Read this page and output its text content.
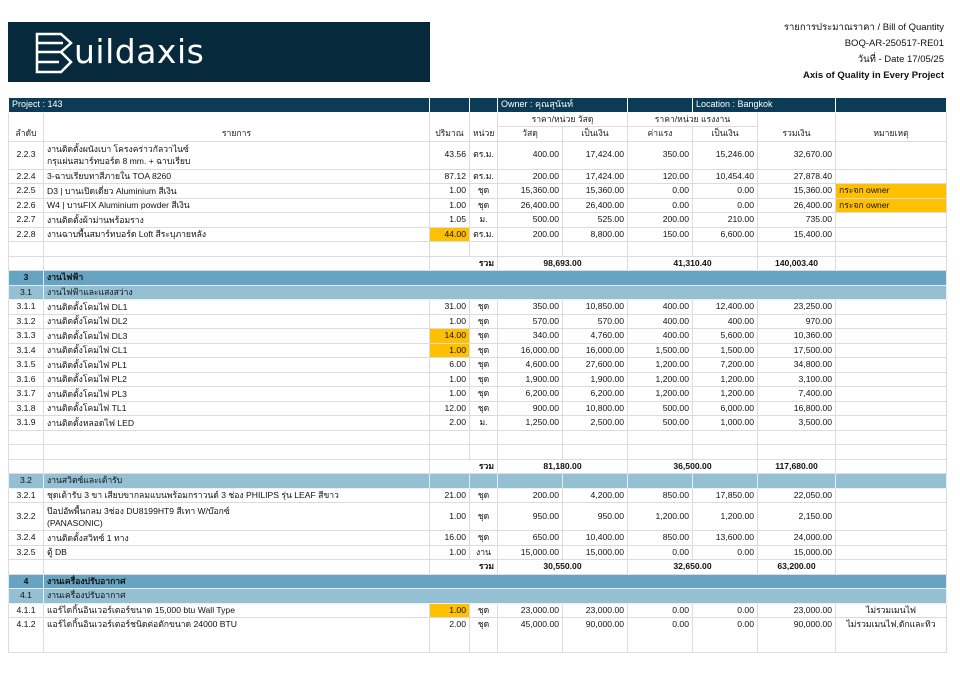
uildaxis
รายการประมาณราคา / Bill of Quantity
BOQ-AR-250517-RE01
วันที่ - Date 17/05/25
Axis of Quality in Every Project
Project : 143				Owner : คุณสุนันท์			Location : Bangkok		
ลำดับ	รายการ	ปริมาณ	หน่วย	ราคา/หน่วย วัสดุ		ราคา/หน่วย แรงงาน		รวมเงิน	หมายเหตุ
				วัสดุ	เป็นเงิน	ค่าแรง	เป็นเงิน		
2.2.3	งานติดตั้งผนังเบา โครงคร่าวกัลวาไนซ์
กรุแผ่นสมาร์ทบอร์ด 8 mm. + ฉาบเรียบ	43.56	ตร.ม.	400.00	17,424.00	350.00	15,246.00	32,670.00	
2.2.4	3-ฉาบเรียบทาสีภายใน TOA 8260	87.12	ตร.ม.	200.00	17,424.00	120.00	10,454.40	27,878.40	
2.2.5	D3 | บานเปิดเดี่ยว Aluminium สีเงิน	1.00	ชุด	15,360.00	15,360.00	0.00	0.00	15,360.00	กระจก owner
2.2.6	W4 | บานFIX Aluminium powder สีเงิน	1.00	ชุด	26,400.00	26,400.00	0.00	0.00	26,400.00	กระจก owner
2.2.7	งานติดตั้งผ้าม่านพร้อมราง	1.05	ม.	500.00	525.00	200.00	210.00	735.00	
2.2.8	งานฉาบพื้นสมาร์ทบอร์ด Loft สีระบุภายหลัง	44.00	ตร.ม.	200.00	8,800.00	150.00	6,600.00	15,400.00	

		รวม		98,693.00		41,310.40		140,003.40	
3	งานไฟฟ้า								
3.1	งานไฟฟ้าและแสงสว่าง								
3.1.1	งานติดตั้งโคมไฟ DL1	31.00	ชุด	350.00	10,850.00	400.00	12,400.00	23,250.00	
3.1.2	งานติดตั้งโคมไฟ DL2	1.00	ชุด	570.00	570.00	400.00	400.00	970.00	
3.1.3	งานติดตั้งโคมไฟ DL3	14.00	ชุด	340.00	4,760.00	400.00	5,600.00	10,360.00	
3.1.4	งานติดตั้งโคมไฟ CL1	1.00	ชุด	16,000.00	16,000.00	1,500.00	1,500.00	17,500.00	
3.1.5	งานติดตั้งโคมไฟ PL1	6.00	ชุด	4,600.00	27,600.00	1,200.00	7,200.00	34,800.00	
3.1.6	งานติดตั้งโคมไฟ PL2	1.00	ชุด	1,900.00	1,900.00	1,200.00	1,200.00	3,100.00	
3.1.7	งานติดตั้งโคมไฟ PL3	1.00	ชุด	6,200.00	6,200.00	1,200.00	1,200.00	7,400.00	
3.1.8	งานติดตั้งโคมไฟ TL1	12.00	ชุด	900.00	10,800.00	500.00	6,000.00	16,800.00	
3.1.9	งานติดตั้งหลอดไฟ LED	2.00	ม.	1,250.00	2,500.00	500.00	1,000.00	3,500.00	

		รวม		81,180.00		36,500.00		117,680.00	
3.2	งานสวิตซ์และเต้ารับ								
3.2.1	ชุดเต้ารับ 3 ขา เสียบขากลมแบนพร้อมกราวนด์ 3 ช่อง PHILIPS รุ่น LEAF สีขาว	21.00	ชุด	200.00	4,200.00	850.00	17,850.00	22,050.00	
3.2.2	ป๊อปอัพพื้นกลม 3ช่อง DU8199HT9 สีเทา W/บ๊อกซ์
(PANASONIC)	1.00	ชุด	950.00	950.00	1,200.00	1,200.00	2,150.00	
3.2.4	งานติดตั้งสวิทซ์ 1 ทาง	16.00	ชุด	650.00	10,400.00	850.00	13,600.00	24,000.00	
3.2.5	ตู้ DB	1.00	งาน	15,000.00	15,000.00	0.00	0.00	15,000.00	
		รวม		30,550.00		32,650.00		63,200.00	
4	งานเครื่องปรับอากาศ								
4.1	งานเครื่องปรับอากาศ								
4.1.1	แอร์ไดกิ้นอินเวอร์เตอร์ขนาด 15,000 btu Wall Type	1.00	ชุด	23,000.00	23,000.00	0.00	0.00	23,000.00	ไม่รวมเมนไฟ
4.1.2	แอร์ไดกิ้นอินเวอร์เตอร์ชนิดต่อตักขนาด 24000 BTU	2.00	ชุด	45,000.00	90,000.00	0.00	0.00	90,000.00	ไม่รวมเมนไฟ,ดักและทิว
